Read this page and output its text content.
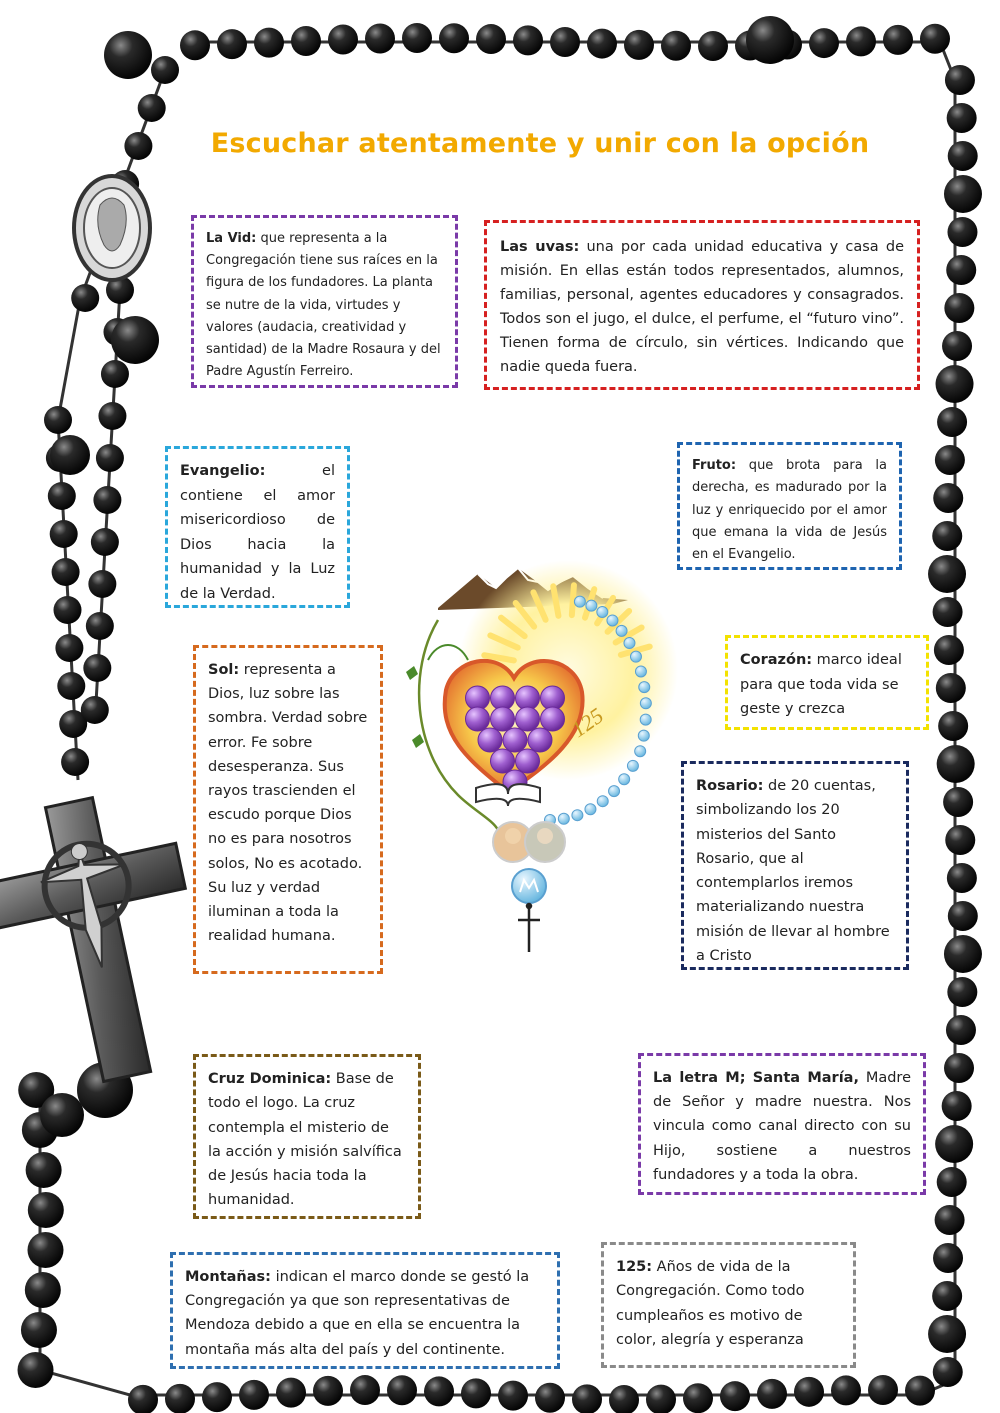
Escuchar atentamente y unir con la opción
La Vid: que representa a la Congregación tiene sus raíces en la figura de los fundadores. La planta se nutre de la vida, virtudes y valores (audacia, creatividad y santidad) de la Madre Rosaura y del Padre Agustín Ferreiro.
Las uvas: una por cada unidad educativa y casa de misión. En ellas están todos representados, alumnos, familias, personal, agentes educadores y consagrados. Todos son el jugo, el dulce, el perfume, el “futuro vino”. Tienen forma de círculo, sin vértices. Indicando que nadie queda fuera.
Evangelio: el contiene el amor misericordioso de Dios hacia la humanidad y la Luz de la Verdad.
Fruto: que brota para la derecha, es madurado por la luz y enriquecido por el amor que emana la vida de Jesús en el Evangelio.
Sol: representa a Dios, luz sobre las sombra. Verdad sobre error. Fe sobre desesperanza. Sus rayos trascienden el escudo porque Dios no es para nosotros solos, No es acotado. Su luz y verdad iluminan a toda la realidad humana.
Corazón: marco ideal para que toda vida se geste y crezca
Rosario: de 20 cuentas, simbolizando los 20 misterios del Santo Rosario, que al contemplarlos iremos materializando nuestra misión de llevar al hombre a Cristo
Cruz Dominica: Base de todo el logo. La cruz contempla el misterio de la acción y misión salvífica de Jesús hacia toda la humanidad.
La letra M; Santa María, Madre de Señor y madre nuestra. Nos vincula como canal directo con su Hijo, sostiene a nuestros fundadores y a toda la obra.
Montañas: indican el marco donde se gestó la Congregación ya que son representativas de Mendoza debido a que en ella se encuentra la montaña más alta del país y del continente.
125: Años de vida de la Congregación. Como todo cumpleaños es motivo de color, alegría y esperanza
125
